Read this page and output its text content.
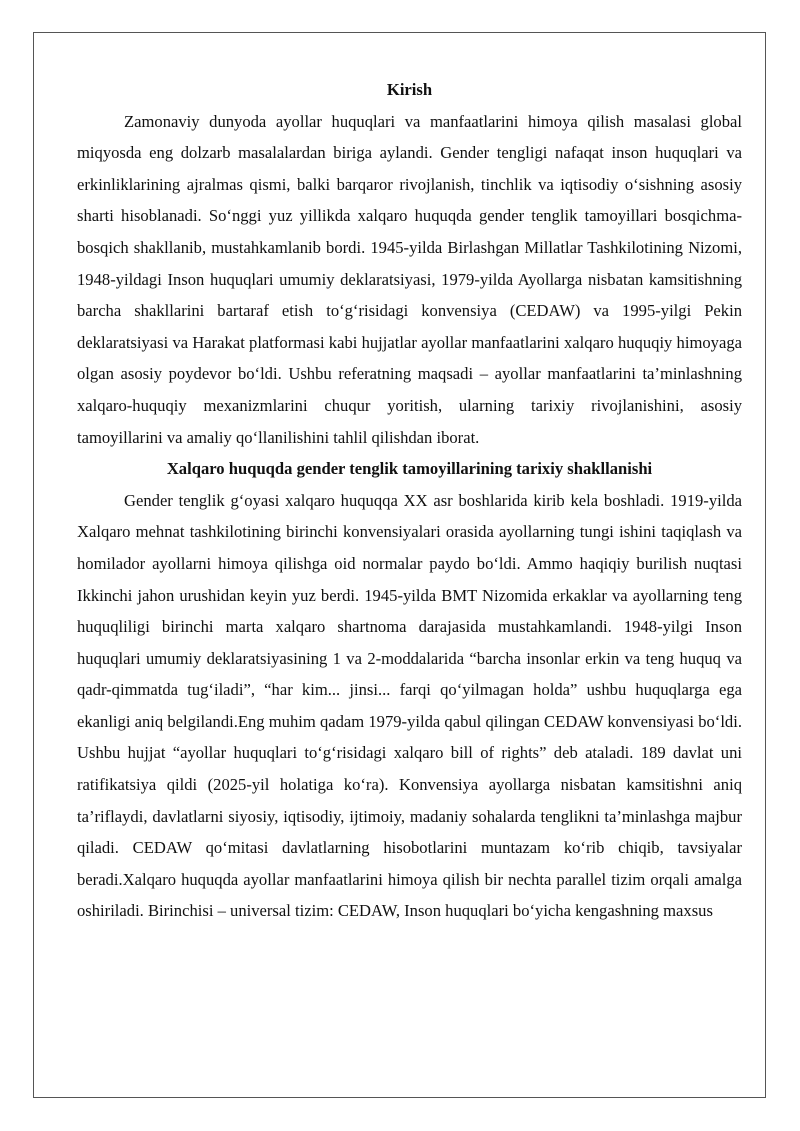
Kirish

Zamonaviy dunyoda ayollar huquqlari va manfaatlarini himoya qilish masalasi global miqyosda eng dolzarb masalalardan biriga aylandi. Gender tengligi nafaqat inson huquqlari va erkinliklarining ajralmas qismi, balki barqaror rivojlanish, tinchlik va iqtisodiy o‘sishning asosiy sharti hisoblanadi. So‘nggi yuz yillikda xalqaro huquqda gender tenglik tamoyillari bosqichma-bosqich shakllanib, mustahkamlanib bordi. 1945-yilda Birlashgan Millatlar Tashkilotining Nizomi, 1948-yildagi Inson huquqlari umumiy deklaratsiyasi, 1979-yilda Ayollarga nisbatan kamsitishning barcha shakllarini bartaraf etish to‘g‘risidagi konvensiya (CEDAW) va 1995-yilgi Pekin deklaratsiyasi va Harakat platformasi kabi hujjatlar ayollar manfaatlarini xalqaro huquqiy himoyaga olgan asosiy poydevor bo‘ldi. Ushbu referatning maqsadi – ayollar manfaatlarini ta’minlashning xalqaro-huquqiy mexanizmlarini chuqur yoritish, ularning tarixiy rivojlanishini, asosiy tamoyillarini va amaliy qo‘llanilishini tahlil qilishdan iborat.

Xalqaro huquqda gender tenglik tamoyillarining tarixiy shakllanishi

Gender tenglik g‘oyasi xalqaro huquqqa XX asr boshlarida kirib kela boshladi. 1919-yilda Xalqaro mehnat tashkilotining birinchi konvensiyalari orasida ayollarning tungi ishini taqiqlash va homilador ayollarni himoya qilishga oid normalar paydo bo‘ldi. Ammo haqiqiy burilish nuqtasi Ikkinchi jahon urushidan keyin yuz berdi. 1945-yilda BMT Nizomida erkaklar va ayollarning teng huquqliligi birinchi marta xalqaro shartnoma darajasida mustahkamlandi. 1948-yilgi Inson huquqlari umumiy deklaratsiyasining 1 va 2-moddalarida “barcha insonlar erkin va teng huquq va qadr-qimmatda tug‘iladi”, “har kim... jinsi... farqi qo‘yilmagan holda” ushbu huquqlarga ega ekanligi aniq belgilandi.Eng muhim qadam 1979-yilda qabul qilingan CEDAW konvensiyasi bo‘ldi. Ushbu hujjat “ayollar huquqlari to‘g‘risidagi xalqaro bill of rights” deb ataladi. 189 davlat uni ratifikatsiya qildi (2025-yil holatiga ko‘ra). Konvensiya ayollarga nisbatan kamsitishni aniq ta’riflaydi, davlatlarni siyosiy, iqtisodiy, ijtimoiy, madaniy sohalarda tenglikni ta’minlashga majbur qiladi. CEDAW qo‘mitasi davlatlarning hisobotlarini muntazam ko‘rib chiqib, tavsiyalar beradi.Xalqaro huquqda ayollar manfaatlarini himoya qilish bir nechta parallel tizim orqali amalga oshiriladi. Birinchisi – universal tizim: CEDAW, Inson huquqlari bo‘yicha kengashning maxsus
